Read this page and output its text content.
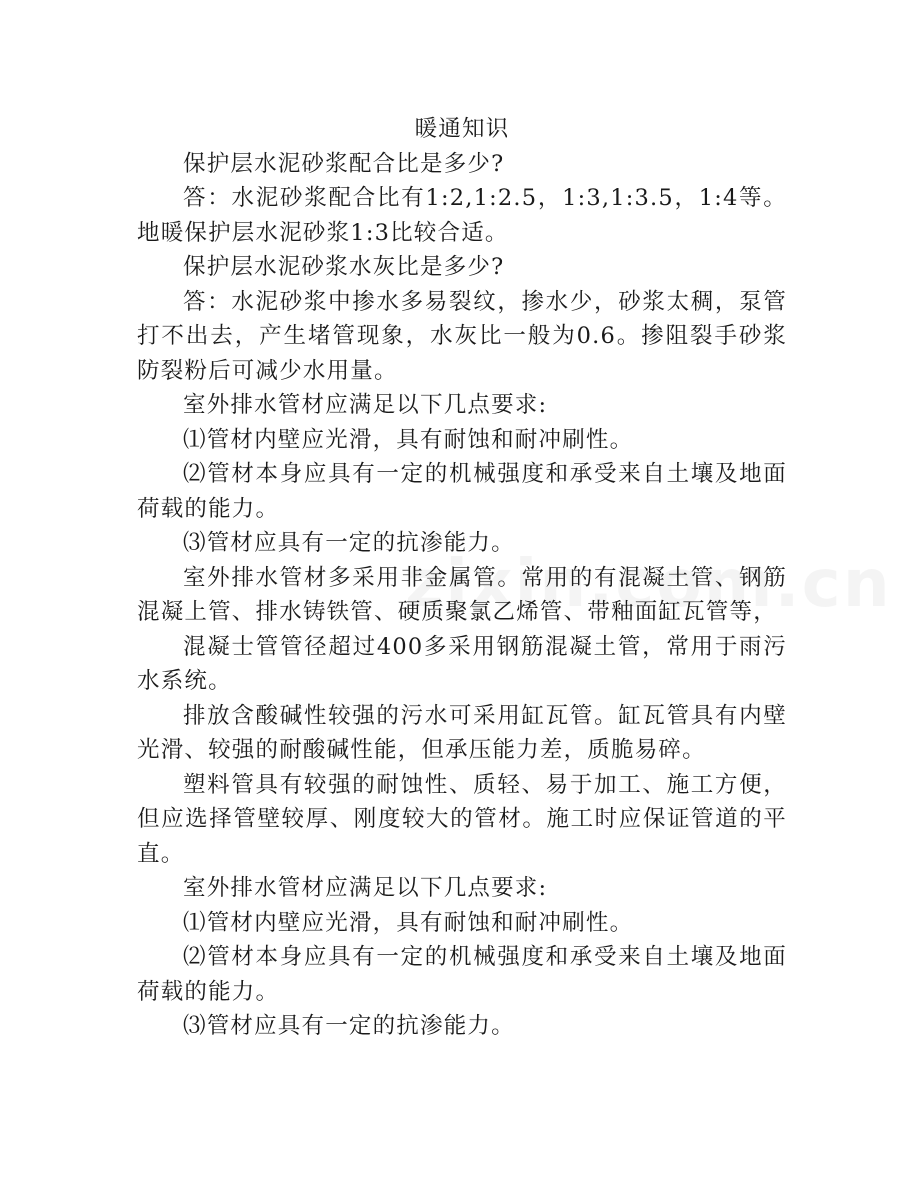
暖通知识

保护层水泥砂浆配合比是多少?

答：水泥砂浆配合比有1:2,1:2.5，1:3,1:3.5，1:4等。地暖保护层水泥砂浆1:3比较合适。

保护层水泥砂浆水灰比是多少?

答：水泥砂浆中掺水多易裂纹，掺水少，砂浆太稠，泵管打不出去，产生堵管现象，水灰比一般为0.6。掺阻裂手砂浆防裂粉后可减少水用量。

室外排水管材应满足以下几点要求:

⑴管材内壁应光滑，具有耐蚀和耐冲刷性。

⑵管材本身应具有一定的机械强度和承受来自土壤及地面荷载的能力。

⑶管材应具有一定的抗渗能力。

室外排水管材多采用非金属管。常用的有混凝土管、钢筋混凝上管、排水铸铁管、硬质聚氯乙烯管、带釉面缸瓦管等，

混凝士管管径超过400多采用钢筋混凝土管，常用于雨污水系统。

排放含酸碱性较强的污水可采用缸瓦管。缸瓦管具有内壁光滑、较强的耐酸碱性能，但承压能力差，质脆易碎。

塑料管具有较强的耐蚀性、质轻、易于加工、施工方便，但应选择管壁较厚、刚度较大的管材。施工时应保证管道的平直。

室外排水管材应满足以下几点要求:

⑴管材内壁应光滑，具有耐蚀和耐冲刷性。

⑵管材本身应具有一定的机械强度和承受来自土壤及地面荷载的能力。

⑶管材应具有一定的抗渗能力。
